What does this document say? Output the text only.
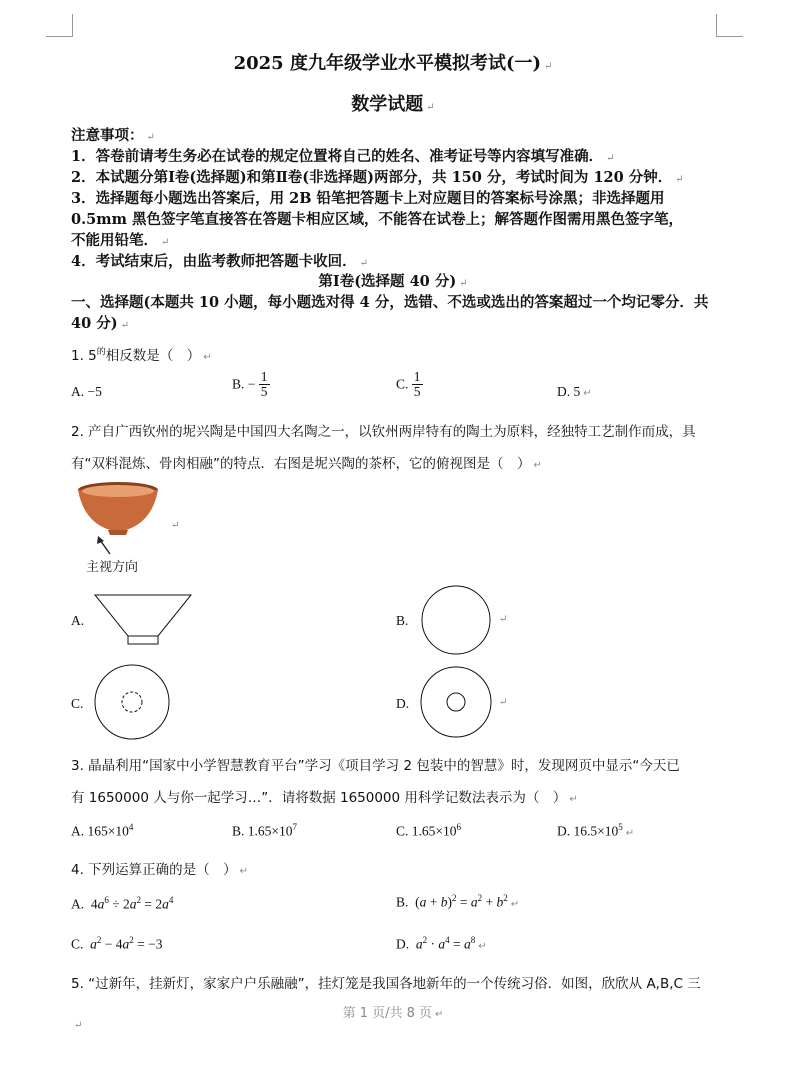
2025 度九年级学业水平模拟考试(一) ↵
数学试题 ↵
注意事项： ↵
1．答卷前请考生务必在试卷的规定位置将自己的姓名、准考证号等内容填写准确． ↵
2．本试题分第Ⅰ卷(选择题)和第Ⅱ卷(非选择题)两部分，共 150 分，考试时间为 120 分钟． ↵
3．选择题每小题选出答案后，用 2B 铅笔把答题卡上对应题目的答案标号涂黑；非选择题用
0.5mm 黑色签字笔直接答在答题卡相应区域，不能答在试卷上；解答题作图需用黑色签字笔，
不能用铅笔． ↵
4．考试结束后，由监考教师把答题卡收回． ↵
第Ⅰ卷(选择题 40 分) ↵
一、选择题(本题共 10 小题，每小题选对得 4 分，选错、不选或选出的答案超过一个均记零分．共
40 分) ↵
1. $5^的$相反数是（　） ↵
A. −5	B. − $\frac{1}{5}$	C. $\frac{1}{5}$	D. 5 ↵
2. 产自广西钦州的坭兴陶是中国四大名陶之一，以钦州两岸特有的陶土为原料，经独特工艺制作而成，具
有“双料混炼、骨肉相融”的特点．右图是坭兴陶的茶杯，它的俯视图是（　） ↵
主视方向
↵
A.	B.	↵
C.	D.	↵
3. 晶晶利用“国家中小学智慧教育平台”学习《项目学习 2 包装中的智慧》时，发现网页中显示“今天已
有 1650000 人与你一起学习…”．请将数据 1650000 用科学记数法表示为（　） ↵
A. $165\times 10^4$	B. $1.65\times 10^7$	C. $1.65\times 10^6$	D. $16.5\times 10^5↵$
4. 下列运算正确的是（　） ↵
A.  $4a^6 \div 2a^2 = 2a^4$	B.  $(a + b)^2 = a^2$ + $b^2↵$
C. $a^2 - 4a^2 = -3$	D. $a^2 \cdot a^4$ = $a^8↵$
5. “过新年，挂新灯，家家户户乐融融”，挂灯笼是我国各地新年的一个传统习俗．如图，欣欣从 A,B,C 三
第 1 页/共 8 页 ↵
↵
